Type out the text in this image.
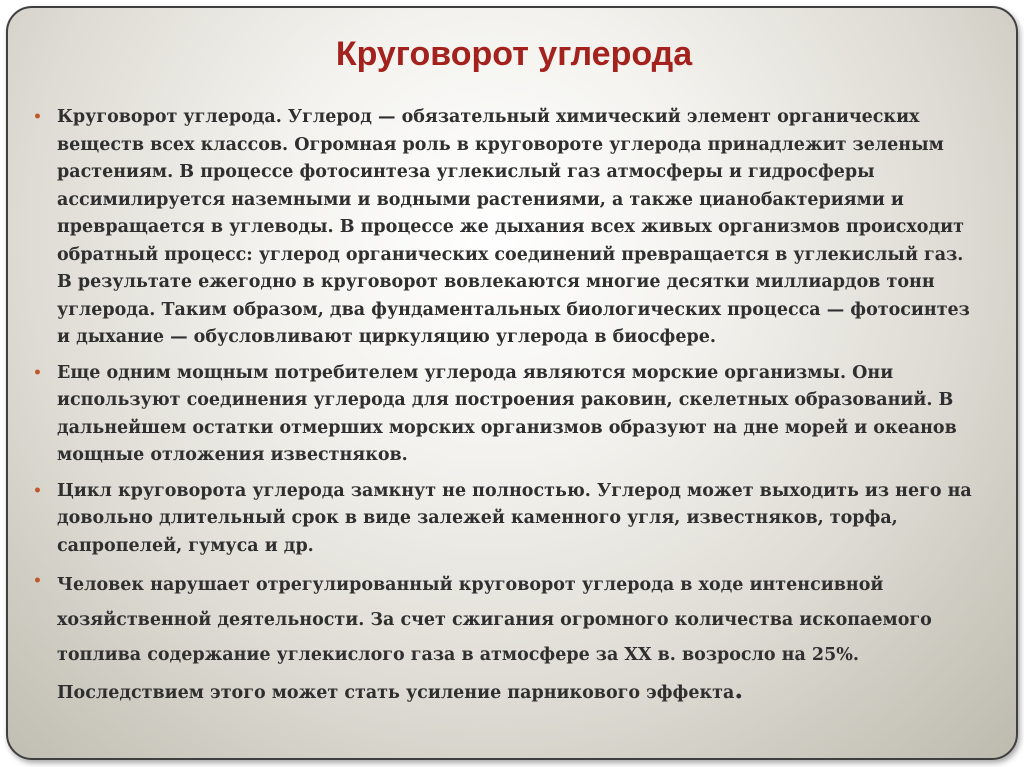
Круговорот углерода
• Круговорот углерода. Углерод — обязательный химический элемент органических веществ всех классов. Огромная роль в круговороте углерода принадлежит зеленым растениям. В процессе фотосинтеза углекислый газ атмосферы и гидросферы ассимилируется наземными и водными растениями, а также цианобактериями и превращается в углеводы. В процессе же дыхания всех живых организмов происходит обратный процесс: углерод органических соединений превращается в углекислый газ. В результате ежегодно в круговорот вовлекаются многие десятки миллиардов тонн углерода. Таким образом, два фундаментальных биологических процесса — фотосинтез и дыхание — обусловливают циркуляцию углерода в биосфере.
• Еще одним мощным потребителем углерода являются морские организмы. Они используют соединения углерода для построения раковин, скелетных образований. В дальнейшем остатки отмерших морских организмов образуют на дне морей и океанов мощные отложения известняков.
• Цикл круговорота углерода замкнут не полностью. Углерод может выходить из него на довольно длительный срок в виде залежей каменного угля, известняков, торфа, сапропелей, гумуса и др.
• Человек нарушает отрегулированный круговорот углерода в ходе интенсивной хозяйственной деятельности. За счет сжигания огромного количества ископаемого топлива содержание углекислого газа в атмосфере за XX в. возросло на 25%. Последствием этого может стать усиление парникового эффекта.
